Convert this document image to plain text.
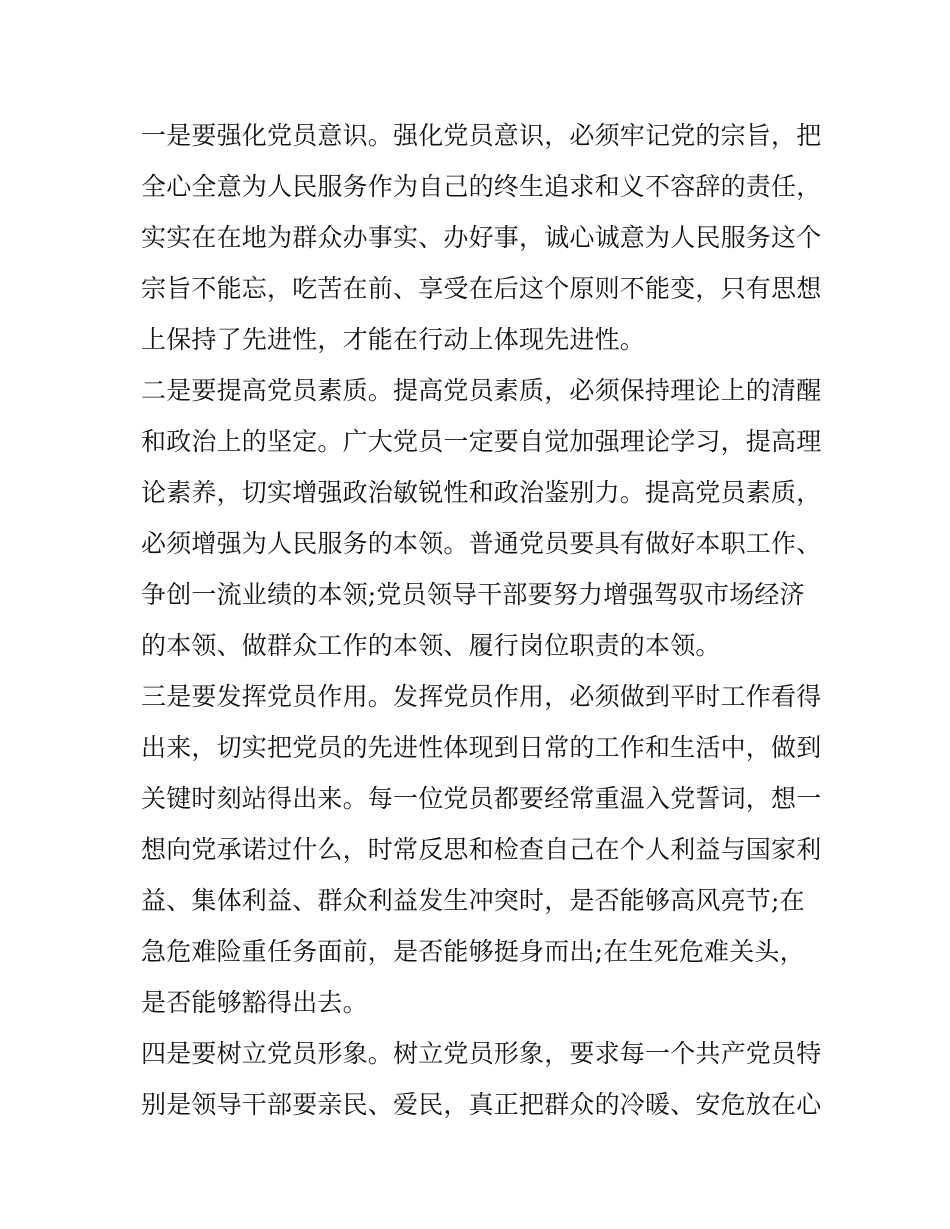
一是要强化党员意识。强化党员意识，必须牢记党的宗旨，把
全心全意为人民服务作为自己的终生追求和义不容辞的责任，
实实在在地为群众办事实、办好事，诚心诚意为人民服务这个
宗旨不能忘，吃苦在前、享受在后这个原则不能变，只有思想
上保持了先进性，才能在行动上体现先进性。
二是要提高党员素质。提高党员素质，必须保持理论上的清醒
和政治上的坚定。广大党员一定要自觉加强理论学习，提高理
论素养，切实增强政治敏锐性和政治鉴别力。提高党员素质，
必须增强为人民服务的本领。普通党员要具有做好本职工作、
争创一流业绩的本领;党员领导干部要努力增强驾驭市场经济
的本领、做群众工作的本领、履行岗位职责的本领。
三是要发挥党员作用。发挥党员作用，必须做到平时工作看得
出来，切实把党员的先进性体现到日常的工作和生活中，做到
关键时刻站得出来。每一位党员都要经常重温入党誓词，想一
想向党承诺过什么，时常反思和检查自己在个人利益与国家利
益、集体利益、群众利益发生冲突时，是否能够高风亮节;在
急危难险重任务面前，是否能够挺身而出;在生死危难关头，
是否能够豁得出去。
四是要树立党员形象。树立党员形象，要求每一个共产党员特
别是领导干部要亲民、爱民，真正把群众的冷暖、安危放在心
